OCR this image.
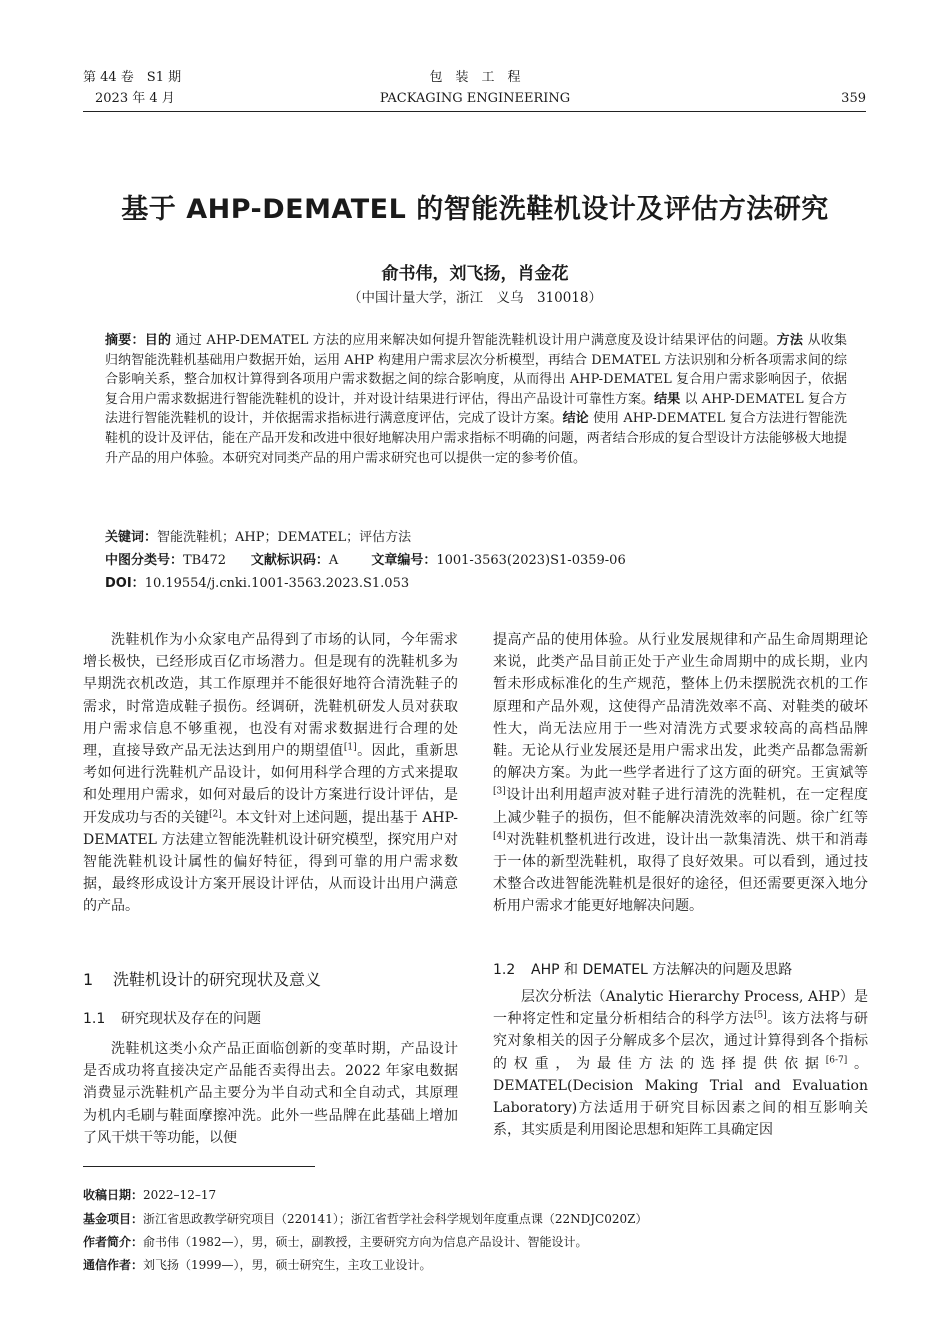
第 44 卷　S1 期
2023 年 4 月
包　装　工　程
PACKAGING ENGINEERING	359
基于 AHP-DEMATEL 的智能洗鞋机设计及评估方法研究
俞书伟，刘飞扬，肖金花
（中国计量大学，浙江　义乌　310018）
摘要：目的 通过 AHP-DEMATEL 方法的应用来解决如何提升智能洗鞋机设计用户满意度及设计结果评估的问题。方法 从收集归纳智能洗鞋机基础用户数据开始，运用 AHP 构建用户需求层次分析模型，再结合 DEMATEL 方法识别和分析各项需求间的综合影响关系，整合加权计算得到各项用户需求数据之间的综合影响度，从而得出 AHP-DEMATEL 复合用户需求影响因子，依据复合用户需求数据进行智能洗鞋机的设计，并对设计结果进行评估，得出产品设计可靠性方案。结果 以 AHP-DEMATEL 复合方法进行智能洗鞋机的设计，并依据需求指标进行满意度评估，完成了设计方案。结论 使用 AHP-DEMATEL 复合方法进行智能洗鞋机的设计及评估，能在产品开发和改进中很好地解决用户需求指标不明确的问题，两者结合形成的复合型设计方法能够极大地提升产品的用户体验。本研究对同类产品的用户需求研究也可以提供一定的参考价值。
关键词：智能洗鞋机；AHP；DEMATEL；评估方法
中图分类号：TB472 文献标识码：A	文章编号：1001-3563(2023)S1-0359-06
DOI：10.19554/j.cnki.1001-3563.2023.S1.053

洗鞋机作为小众家电产品得到了市场的认同，今年需求增长极快，已经形成百亿市场潜力。但是现有的洗鞋机多为早期洗衣机改造，其工作原理并不能很好地符合清洗鞋子的需求，时常造成鞋子损伤。经调研，洗鞋机研发人员对获取用户需求信息不够重视，也没有对需求数据进行合理的处理，直接导致产品无法达到用户的期望值[1]。因此，重新思考如何进行洗鞋机产品设计，如何用科学合理的方式来提取和处理用户需求，如何对最后的设计方案进行设计评估，是开发成功与否的关键[2]。本文针对上述问题，提出基于 AHP-DEMATEL 方法建立智能洗鞋机设计研究模型，探究用户对智能洗鞋机设计属性的偏好特征，得到可靠的用户需求数据，最终形成设计方案开展设计评估，从而设计出用户满意的产品。

1 洗鞋机设计的研究现状及意义
1.1 研究现状及存在的问题

洗鞋机这类小众产品正面临创新的变革时期，产品设计是否成功将直接决定产品能否卖得出去。2022 年家电数据消费显示洗鞋机产品主要分为半自动式和全自动式，其原理为机内毛刷与鞋面摩擦冲洗。此外一些品牌在此基础上增加了风干烘干等功能，以便

提高产品的使用体验。从行业发展规律和产品生命周期理论来说，此类产品目前正处于产业生命周期中的成长期，业内暂未形成标准化的生产规范，整体上仍未摆脱洗衣机的工作原理和产品外观，这使得产品清洗效率不高、对鞋类的破坏性大，尚无法应用于一些对清洗方式要求较高的高档品牌鞋。无论从行业发展还是用户需求出发，此类产品都急需新的解决方案。为此一些学者进行了这方面的研究。王寅斌等[3]设计出利用超声波对鞋子进行清洗的洗鞋机，在一定程度上减少鞋子的损伤，但不能解决清洗效率的问题。徐广红等[4]对洗鞋机整机进行改进，设计出一款集清洗、烘干和消毒于一体的新型洗鞋机，取得了良好效果。可以看到，通过技术整合改进智能洗鞋机是很好的途径，但还需要更深入地分析用户需求才能更好地解决问题。

1.2 AHP 和 DEMATEL 方法解决的问题及思路

层次分析法（Analytic Hierarchy Process, AHP）是一种将定性和定量分析相结合的科学方法[5]。该方法将与研究对象相关的因子分解成多个层次，通过计算得到各个指标的权重，为最佳方法的选择提供依据[6-7]。DEMATEL(Decision Making Trial and Evaluation Laboratory)方法适用于研究目标因素之间的相互影响关系，其实质是利用图论思想和矩阵工具确定因

收稿日期：2022–12–17
基金项目：浙江省思政教学研究项目（220141）；浙江省哲学社会科学规划年度重点课（22NDJC020Z）
作者简介：俞书伟（1982—），男，硕士，副教授，主要研究方向为信息产品设计、智能设计。
通信作者：刘飞扬（1999—），男，硕士研究生，主攻工业设计。
